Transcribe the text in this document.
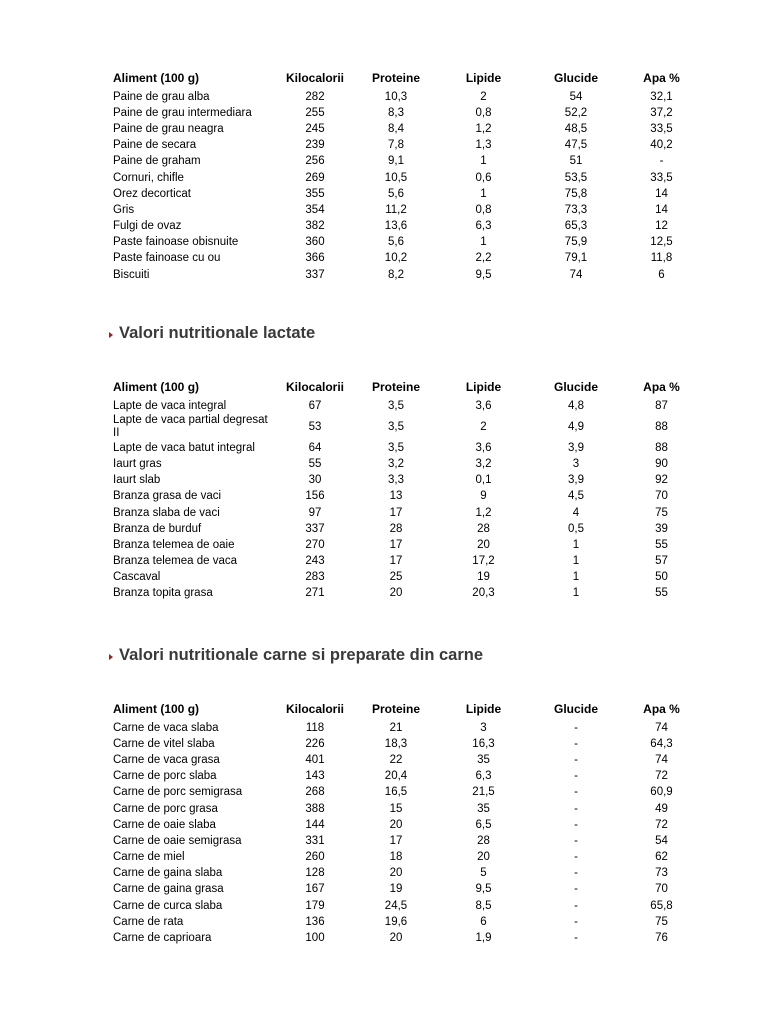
Aliment (100 g)	Kilocalorii	Proteine	Lipide	Glucide	Apa %
Paine de grau alba	282	10,3	2	54	32,1
Paine de grau intermediara	255	8,3	0,8	52,2	37,2
Paine de grau neagra	245	8,4	1,2	48,5	33,5
Paine de secara	239	7,8	1,3	47,5	40,2
Paine de graham	256	9,1	1	51	-
Cornuri, chifle	269	10,5	0,6	53,5	33,5
Orez decorticat	355	5,6	1	75,8	14
Gris	354	11,2	0,8	73,3	14
Fulgi de ovaz	382	13,6	6,3	65,3	12
Paste fainoase obisnuite	360	5,6	1	75,9	12,5
Paste fainoase cu ou	366	10,2	2,2	79,1	11,8
Biscuiti	337	8,2	9,5	74	6
Valori nutritionale lactate
Aliment (100 g)	Kilocalorii	Proteine	Lipide	Glucide	Apa %
Lapte de vaca integral	67	3,5	3,6	4,8	87
Lapte de vaca partial degresat II	53	3,5	2	4,9	88
Lapte de vaca batut integral	64	3,5	3,6	3,9	88
Iaurt gras	55	3,2	3,2	3	90
Iaurt slab	30	3,3	0,1	3,9	92
Branza grasa de vaci	156	13	9	4,5	70
Branza slaba de vaci	97	17	1,2	4	75
Branza de burduf	337	28	28	0,5	39
Branza telemea de oaie	270	17	20	1	55
Branza telemea de vaca	243	17	17,2	1	57
Cascaval	283	25	19	1	50
Branza topita grasa	271	20	20,3	1	55
Valori nutritionale carne si preparate din carne
Aliment (100 g)	Kilocalorii	Proteine	Lipide	Glucide	Apa %
Carne de vaca slaba	118	21	3	-	74
Carne de vitel slaba	226	18,3	16,3	-	64,3
Carne de vaca grasa	401	22	35	-	74
Carne de porc slaba	143	20,4	6,3	-	72
Carne de porc semigrasa	268	16,5	21,5	-	60,9
Carne de porc grasa	388	15	35	-	49
Carne de oaie slaba	144	20	6,5	-	72
Carne de oaie semigrasa	331	17	28	-	54
Carne de miel	260	18	20	-	62
Carne de gaina slaba	128	20	5	-	73
Carne de gaina grasa	167	19	9,5	-	70
Carne de curca slaba	179	24,5	8,5	-	65,8
Carne de rata	136	19,6	6	-	75
Carne de caprioara	100	20	1,9	-	76
